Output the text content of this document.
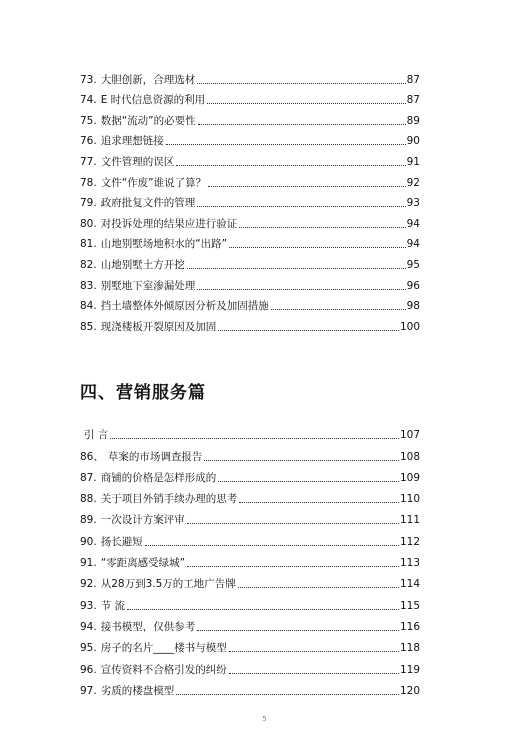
73. 大胆创新，合理选材	87
74. E 时代信息资源的利用	87
75. 数据“流动”的必要性	89
76. 追求理想链接	90
77. 文件管理的误区	91
78. 文件“作废”谁说了算？	92
79. 政府批复文件的管理	93
80. 对投诉处理的结果应进行验证	94
81. 山地别墅场地积水的“出路”	94
82. 山地别墅土方开挖	95
83. 别墅地下室渗漏处理	96
84. 挡土墙整体外倾原因分析及加固措施	98
85. 现浇楼板开裂原因及加固	100
四、营销服务篇
引 言	107
86、 草案的市场调查报告	108
87. 商铺的价格是怎样形成的	109
88. 关于项目外销手续办理的思考	110
89. 一次设计方案评审	111
90. 扬长避短	112
91. “零距离感受绿城”	113
92. 从28万到3.5万的工地广告牌	114
93. 节 流	115
94. 接书模型，仅供参考	116
95. 房子的名片____楼书与模型	118
96. 宣传资料不合格引发的纠纷	119
97. 劣质的楼盘模型	120
5
